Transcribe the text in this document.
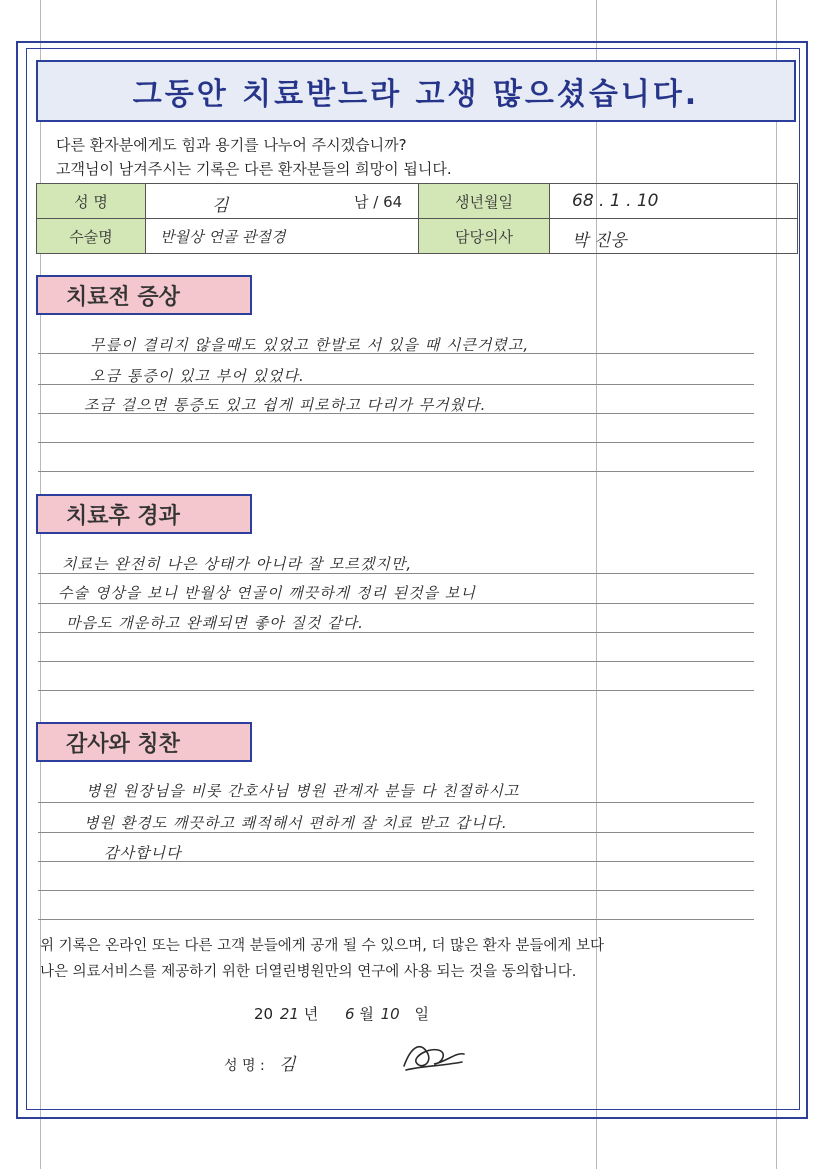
그동안 치료받느라 고생 많으셨습니다.
다른 환자분에게도 힘과 용기를 나누어 주시겠습니까?
고객님이 남겨주시는 기록은 다른 환자분들의 희망이 됩니다.
성 명	김 남 / 64	생년월일	68 . 1 . 10

수술명	반월상 연골 관절경	담당의사	박 진웅
치료전 증상
무릎이 결리지 않을때도 있었고 한발로 서 있을 때 시큰거렸고,
오금 통증이 있고 부어 있었다.
조금 걸으면 통증도 있고 쉽게 피로하고 다리가 무거웠다.
치료후 경과
치료는 완전히 나은 상태가 아니라 잘 모르겠지만,
수술 영상을 보니 반월상 연골이 깨끗하게 정리 된것을 보니
마음도 개운하고 완쾌되면 좋아 질것 같다.
감사와 칭찬
병원 원장님을 비롯 간호사님 병원 관계자 분들 다 친절하시고
병원 환경도 깨끗하고 쾌적해서 편하게 잘 치료 받고 갑니다.
감사합니다
위 기록은 온라인 또는 다른 고객 분들에게 공개 될 수 있으며, 더 많은 환자 분들에게 보다
나은 의료서비스를 제공하기 위한 더열린병원만의 연구에 사용 되는 것을 동의합니다.
20 21 년 6 월 10 일
성 명 : 김
